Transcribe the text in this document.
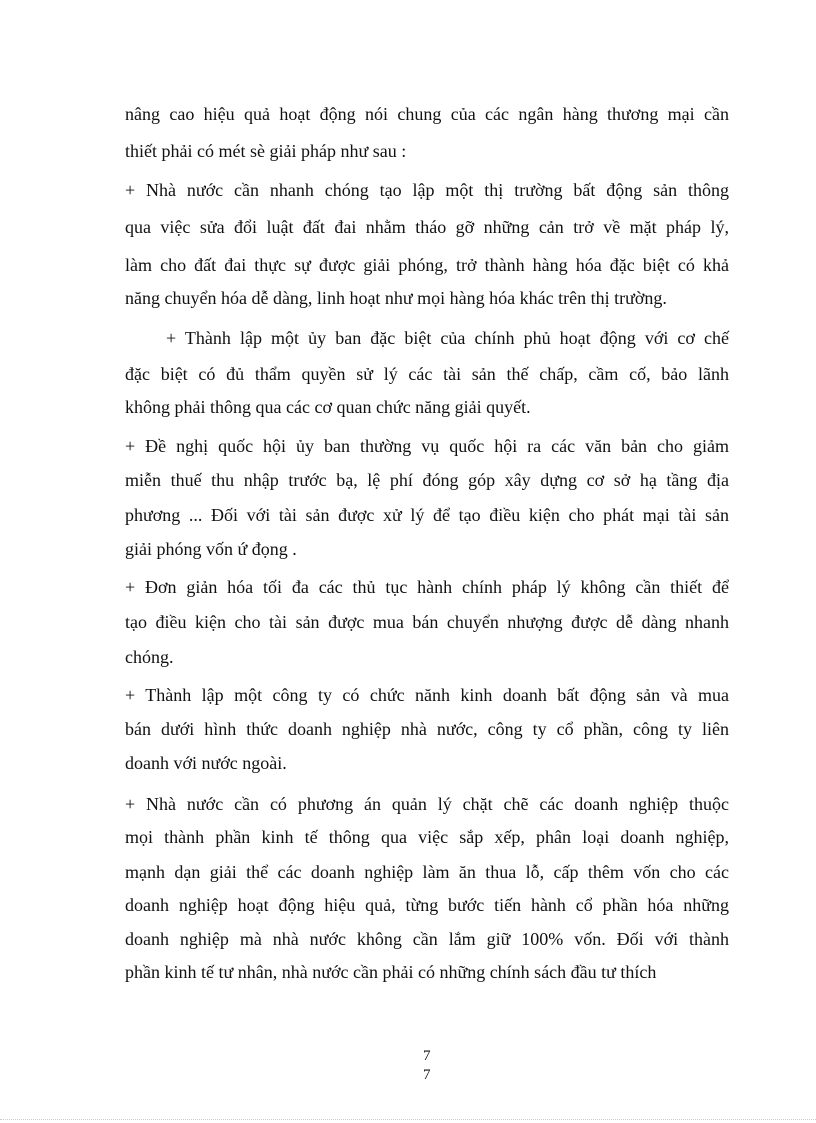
nâng cao hiệu quả hoạt động nói chung của các ngân hàng thương mại cần
thiết phải có mét sè giải pháp như sau :
+ Nhà nước cần nhanh chóng tạo lập một thị trường bất động sản thông
qua việc sửa đổi luật đất đai nhằm tháo gỡ những cản trở về mặt pháp lý,
làm cho đất đai thực sự được giải phóng, trở thành hàng hóa đặc biệt có khả
năng chuyển hóa dễ dàng, linh hoạt như mọi hàng hóa khác trên thị trường.
+ Thành lập một ủy ban đặc biệt của chính phủ hoạt động với cơ chế
đặc biệt có đủ thẩm quyền sử lý các tài sản thế chấp, cầm cố, bảo lãnh
không phải thông qua các cơ quan chức năng giải quyết.
+ Đề nghị quốc hội ủy ban thường vụ quốc hội ra các văn bản cho giảm
miễn thuế thu nhập trước bạ, lệ phí đóng góp xây dựng cơ sở hạ tầng địa
phương ... Đối với tài sản được xử lý để tạo điều kiện cho phát mại tài sản
giải phóng vốn ứ đọng .
+ Đơn giản hóa tối đa các thủ tục hành chính pháp lý không cần thiết để
tạo điều kiện cho tài sản được mua bán chuyển nhượng được dễ dàng nhanh
chóng.
+ Thành lập một công ty có chức nănh kinh doanh bất động sản và mua
bán dưới hình thức doanh nghiệp nhà nước, công ty cổ phần, công ty liên
doanh với nước ngoài.
+ Nhà nước cần có phương án quản lý chặt chẽ các doanh nghiệp thuộc
mọi thành phần kinh tế thông qua việc sắp xếp, phân loại doanh nghiệp,
mạnh dạn giải thể các doanh nghiệp làm ăn thua lỗ, cấp thêm vốn cho các
doanh nghiệp hoạt động hiệu quả, từng bước tiến hành cổ phần hóa những
doanh nghiệp mà nhà nước không cần lắm giữ 100% vốn. Đối với thành
phần kinh tế tư nhân, nhà nước cần phải có những chính sách đầu tư thích
7
7
